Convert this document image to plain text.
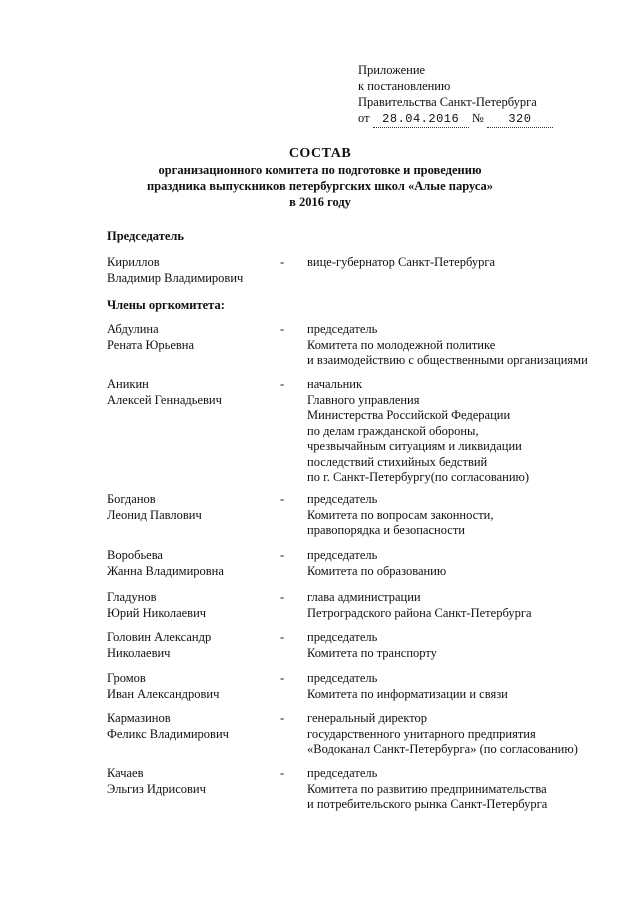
Приложение
к постановлению
Правительства Санкт-Петербурга
от 28.04.2016 № 320
СОСТАВ
организационного комитета по подготовке и проведению
праздника выпускников петербургских школ «Алые паруса»
в 2016 году
Председатель
Кириллов
Владимир Владимирович
-	вице-губернатор Санкт-Петербурга
Члены оргкомитета:
Абдулина
Рената Юрьевна
-	председатель
Комитета по молодежной политике
и взаимодействию с общественными организациями
Аникин
Алексей Геннадьевич
-	начальник
Главного управления
Министерства Российской Федерации
по делам гражданской обороны,
чрезвычайным ситуациям и ликвидации
последствий стихийных бедствий
по г. Санкт-Петербургу(по согласованию)
Богданов
Леонид Павлович
-	председатель
Комитета по вопросам законности,
правопорядка и безопасности
Воробьева
Жанна Владимировна
-	председатель
Комитета по образованию
Гладунов
Юрий Николаевич
-	глава администрации
Петроградского района Санкт-Петербурга
Головин Александр
Николаевич
-	председатель
Комитета по транспорту
Громов
Иван Александрович
-	председатель
Комитета по информатизации и связи
Кармазинов
Феликс Владимирович
-	генеральный директор
государственного унитарного предприятия
«Водоканал Санкт-Петербурга» (по согласованию)
Качаев
Эльгиз Идрисович
-	председатель
Комитета по развитию предпринимательства
и потребительского рынка Санкт-Петербурга
